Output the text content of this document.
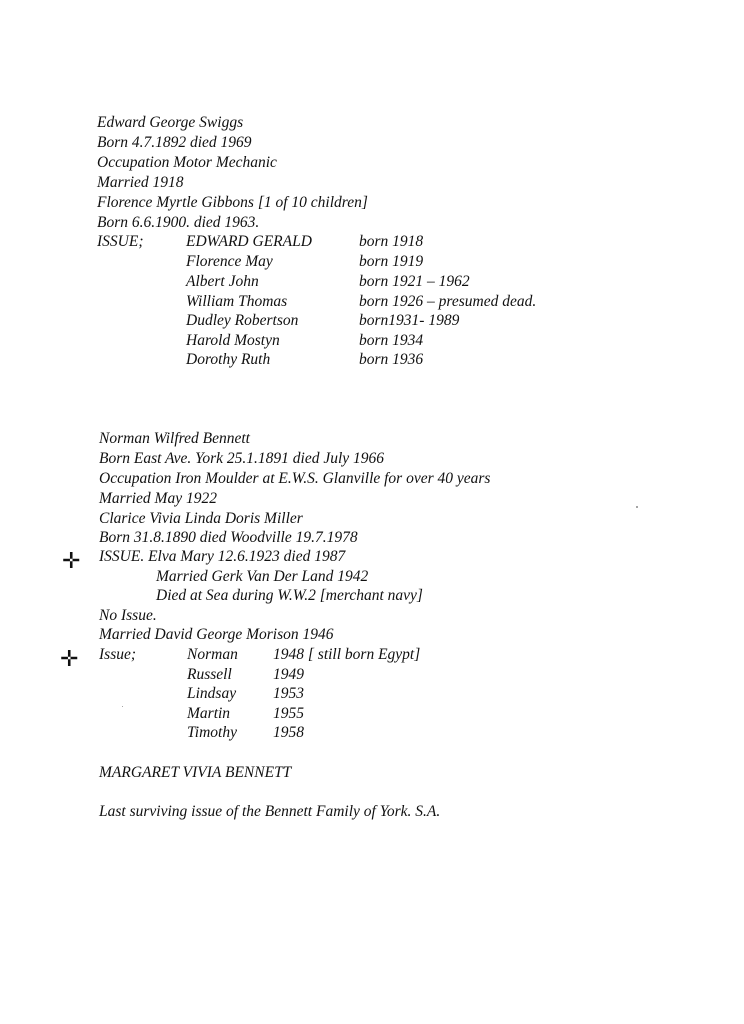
Edward George Swiggs
Born 4.7.1892 died 1969
Occupation Motor Mechanic
Married 1918
Florence Myrtle Gibbons [1 of 10 children]
Born 6.6.1900. died 1963.
ISSUE;	EDWARD GERALD	born 1918
Florence May	born 1919
Albert John	born 1921 – 1962
William Thomas	born 1926 – presumed dead.
Dudley Robertson	born1931- 1989
Harold Mostyn	born 1934
Dorothy Ruth	born 1936
Norman Wilfred Bennett
Born East Ave. York 25.1.1891 died July 1966
Occupation Iron Moulder at E.W.S. Glanville for over 40 years
Married May 1922
Clarice Vivia Linda Doris Miller
Born 31.8.1890 died Woodville 19.7.1978
✛ ISSUE. Elva Mary 12.6.1923 died 1987
Married Gerk Van Der Land 1942
Died at Sea during W.W.2 [merchant navy]
No Issue.
Married David George Morison 1946
✛ Issue;	Norman 1948 [ still born Egypt]
Russell	1949
Lindsay 1953
Martin	1955
Timothy 1958
MARGARET VIVIA BENNETT
Last surviving issue of the Bennett Family of York. S.A.
